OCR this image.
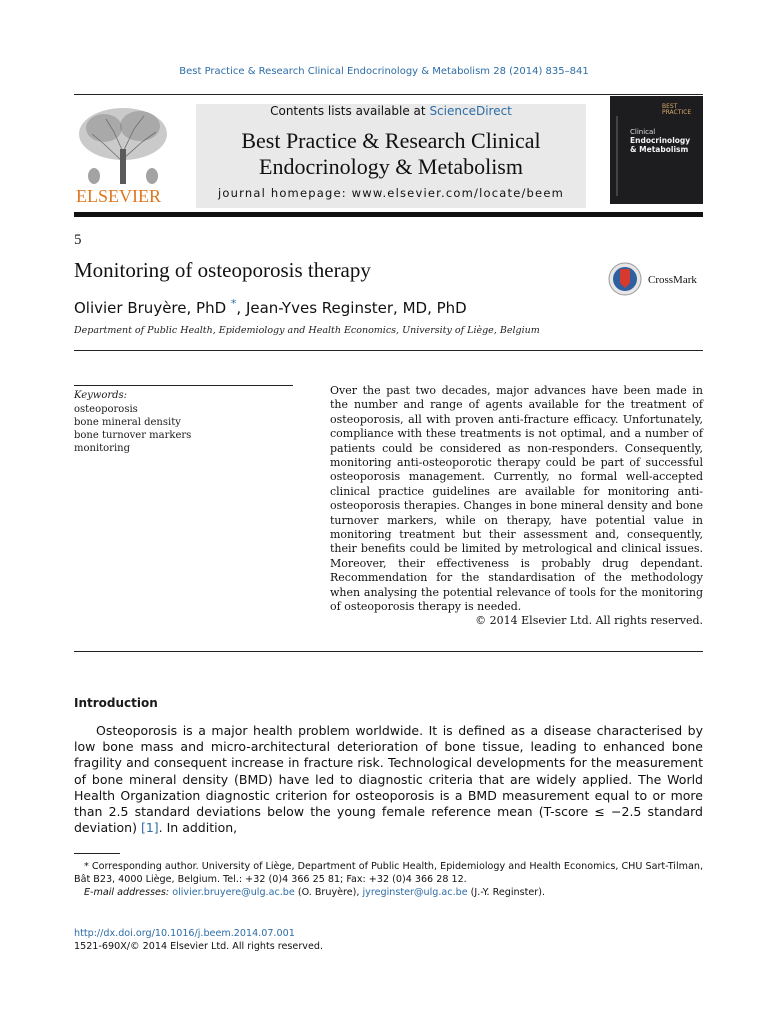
Best Practice & Research Clinical Endocrinology & Metabolism 28 (2014) 835–841
ELSEVIER
Contents lists available at ScienceDirect
Best Practice & Research Clinical
Endocrinology & Metabolism
journal homepage: www.elsevier.com/locate/beem
BEST
PRACTICE
Clinical
Endocrinology
& Metabolism
5
Monitoring of osteoporosis therapy	CrossMark
Olivier Bruyère, PhD *, Jean-Yves Reginster, MD, PhD
Department of Public Health, Epidemiology and Health Economics, University of Liège, Belgium
Keywords:
osteoporosis
bone mineral density
bone turnover markers
monitoring
Over the past two decades, major advances have been made in the number and range of agents available for the treatment of osteoporosis, all with proven anti-fracture efficacy. Unfortunately, compliance with these treatments is not optimal, and a number of patients could be considered as non-responders. Consequently, monitoring anti-osteoporotic therapy could be part of successful osteoporosis management. Currently, no formal well-accepted clinical practice guidelines are available for monitoring anti-osteoporosis therapies. Changes in bone mineral density and bone turnover markers, while on therapy, have potential value in monitoring treatment but their assessment and, consequently, their benefits could be limited by metrological and clinical issues. Moreover, their effectiveness is probably drug dependant. Recommendation for the standardisation of the methodology when analysing the potential relevance of tools for the monitoring of osteoporosis therapy is needed.
© 2014 Elsevier Ltd. All rights reserved.
Introduction
Osteoporosis is a major health problem worldwide. It is defined as a disease characterised by low bone mass and micro-architectural deterioration of bone tissue, leading to enhanced bone fragility and consequent increase in fracture risk. Technological developments for the measurement of bone mineral density (BMD) have led to diagnostic criteria that are widely applied. The World Health Organization diagnostic criterion for osteoporosis is a BMD measurement equal to or more than 2.5 standard deviations below the young female reference mean (T-score ≤ −2.5 standard deviation) [1]. In addition,
* Corresponding author. University of Liège, Department of Public Health, Epidemiology and Health Economics, CHU Sart-Tilman, Bât B23, 4000 Liège, Belgium. Tel.: +32 (0)4 366 25 81; Fax: +32 (0)4 366 28 12.
E-mail addresses: olivier.bruyere@ulg.ac.be (O. Bruyère), jyreginster@ulg.ac.be (J.-Y. Reginster).
http://dx.doi.org/10.1016/j.beem.2014.07.001
1521-690X/© 2014 Elsevier Ltd. All rights reserved.
